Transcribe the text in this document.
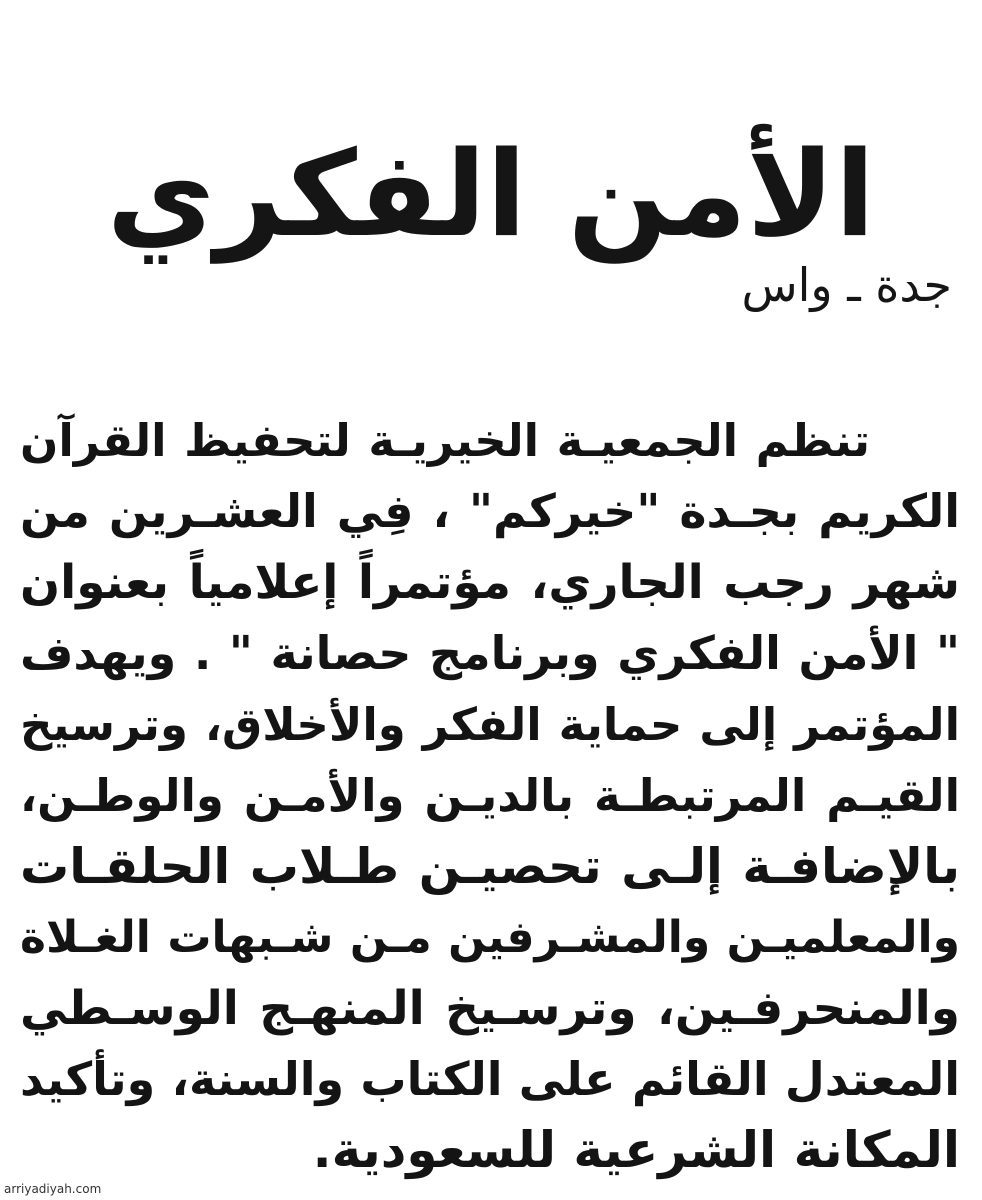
الأمن الفكري
جدة ـ واس
تنظم الجمعيـة الخيريـة لتحفيظ القرآن
الكريم بجـدة "خيركم" ، فِي العشـرين من
شهر رجب الجاري، مؤتمراً إعلامياً بعنوان
" الأمن الفكري وبرنامج حصانة " . ويهدف
المؤتمر إلى حماية الفكر والأخلاق، وترسيخ
القيـم المرتبطـة بالديـن والأمـن والوطـن،
بالإضافـة إلـى تحصيـن طـلاب الحلقـات
والمعلميـن والمشـرفين مـن شـبهات الغـلاة
والمنحرفـين، وترسـيخ المنهـج الوسـطي
المعتدل القائم على الكتاب والسنة، وتأكيد
المكانة الشرعية للسعودية.
arriyadiyah.com
